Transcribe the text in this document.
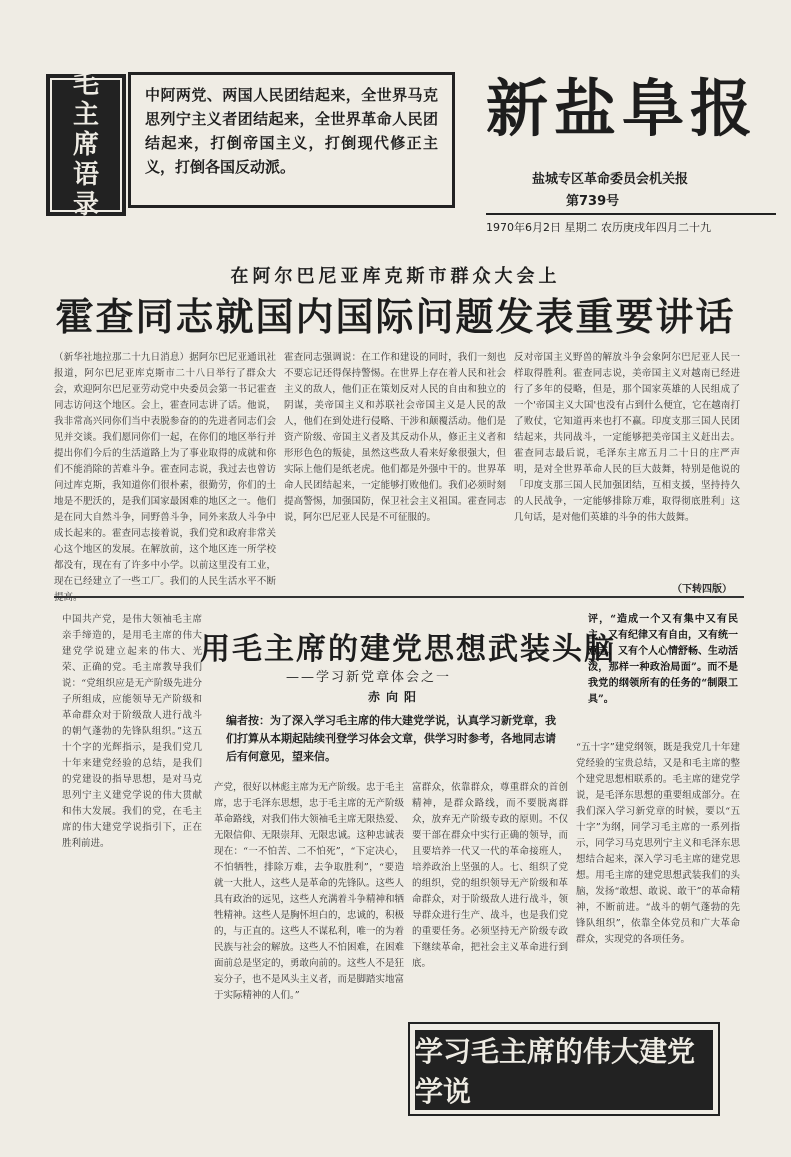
毛
主
席
语
录
中阿两党、两国人民团结起来，全世界马克思列宁主义者团结起来，全世界革命人民团结起来，打倒帝国主义，打倒现代修正主义，打倒各国反动派。
新盐阜报
盐城专区革命委员会机关报
第739号
1970年6月2日 星期二 农历庚戌年四月二十九
在阿尔巴尼亚库克斯市群众大会上
霍查同志就国内国际问题发表重要讲话
（新华社地拉那二十九日消息）据阿尔巴尼亚通讯社报道，阿尔巴尼亚库克斯市二十八日举行了群众大会，欢迎阿尔巴尼亚劳动党中央委员会第一书记霍查同志访问这个地区。会上，霍查同志讲了话。他说，我非常高兴同你们当中表脱参奋的的先进者同志们会见并交谈。我们愿同你们一起，在你们的地区举行并提出你们今后的生活道路上为了事业取得的成就和你们不能消除的苦难斗争。霍查同志说，我过去也曾访问过库克斯，我知道你们很朴素，很勤劳，你们的土地是不肥沃的，是我们国家最困难的地区之一。他们是在同大自然斗争，同野兽斗争，同外来敌人斗争中成长起来的。霍查同志接着说，我们党和政府非常关心这个地区的发展。在解放前，这个地区连一所学校都没有，现在有了许多中小学。以前这里没有工业，现在已经建立了一些工厂。我们的人民生活水平不断
霍查同志强调说：在工作和建设的同时，我们一刻也不要忘记还得保持警惕。在世界上存在着人民和社会主义的敌人，他们正在策划反对人民的自由和独立的阴谋，美帝国主义和苏联社会帝国主义是人民的敌人，他们在到处进行侵略、干涉和颠覆活动。他们是资产阶级、帝国主义者及其反动仆从，修正主义者和形形色色的叛徒，虽然这些敌人看来好象很强大，但实际上他们是纸老虎。他们都是外强中干的。世界革命人民团结起来，一定能够打败他们。我们必须时刻提高警惕，加强国防，保卫社会主义祖国。霍查同志说，阿尔巴尼亚人民是不可征服的。
反对帝国主义野兽的解放斗争会象阿尔巴尼亚人民一样取得胜利。霍查同志说，美帝国主义对越南已经进行了多年的侵略，但是，那个国家英雄的人民组成了一个'帝国主义大国'也没有占到什么便宜，它在越南打了败仗，它知道再来也打不赢。印度支那三国人民团结起来，共同战斗，一定能够把美帝国主义赶出去。霍查同志最后说，毛泽东主席五月二十日的庄严声明，是对全世界革命人民的巨大鼓舞，特别是他说的「印度支那三国人民加强团结，互相支援，坚持持久的人民战争，一定能够排除万难，取得彻底胜利」这几句话，是对他们英雄的斗争的伟大鼓舞。
（下转四版）
中国共产党，是伟大领袖毛主席亲手缔造的，是用毛主席的伟大建党学说建立起来的伟大、光荣、正确的党。毛主席教导我们说：“党组织应是无产阶级先进分子所组成，应能领导无产阶级和革命群众对于阶级敌人进行战斗的朝气蓬勃的先锋队组织。”这五十个字的光辉指示，是我们党几十年来建党经验的总结，是我们的党建设的指导思想，是对马克思列宁主义建党学说的伟大贯献和伟大发展。我们的党，在毛主席的伟大建党学说指引下，正在胜利前进。
用毛主席的建党思想武装头脑
——学习新党章体会之一
赤向阳
编者按：为了深入学习毛主席的伟大建党学说，认真学习新党章，我们打算从本期起陆续刊登学习体会文章，供学习时参考，各地同志请后有何意见，望来信。
产党，很好以林彪主席为无产阶级。忠于毛主席，忠于毛泽东思想，忠于毛主席的无产阶级革命路线，对我们伟大领袖毛主席无限热爱、无限信仰、无限崇拜、无限忠诚。这种忠诚表现在：“一不怕苦、二不怕死”，“下定决心，不怕牺牲，排除万难，去争取胜利”，“要造就一大批人，这些人是革命的先锋队。这些人具有政治的远见，这些人充满着斗争精神和牺牲精神。这些人是胸怀坦白的，忠诚的，积极的，与正直的。这些人不谋私利，唯一的为着民族与社会的解放。这些人不怕困难，在困难面前总是坚定的，勇敢向前的。这些人不是狂妄分子，也不是风头主义者，而是脚踏实地富于实际精神的人们。”
富群众，依靠群众，尊重群众的首创精神，是群众路线，而不要脱离群众，放弃无产阶级专政的原则。不仅要干部在群众中实行正确的领导，而且要培养一代又一代的革命接班人，培养政治上坚强的人。七、组织了党的组织，党的组织领导无产阶级和革命群众，对于阶级敌人进行战斗，领导群众进行生产、战斗，也是我们党的重要任务。必须坚持无产阶级专政下继续革命，把社会主义革命进行到底。
评，“造成一个又有集中又有民主，又有纪律又有自由，又有统一意志、又有个人心情舒畅、生动活泼，那样一种政治局面”。而不是我党的纲领所有的任务的“制限工具”。
“五十字”建党纲领，既是我党几十年建党经验的宝贵总结，又是和毛主席的整个建党思想相联系的。毛主席的建党学说，是毛泽东思想的重要组成部分。在我们深入学习新党章的时候，要以“五十字”为纲，同学习毛主席的一系列指示，同学习马克思列宁主义和毛泽东思想结合起来，深入学习毛主席的建党思想。用毛主席的建党思想武装我们的头脑，发扬“敢想、敢说、敢干”的革命精神，不断前进。“战斗的朝气蓬勃的先锋队组织”，依靠全体党员和广大革命群众，实现党的各项任务。
学习毛主席的伟大建党学说
